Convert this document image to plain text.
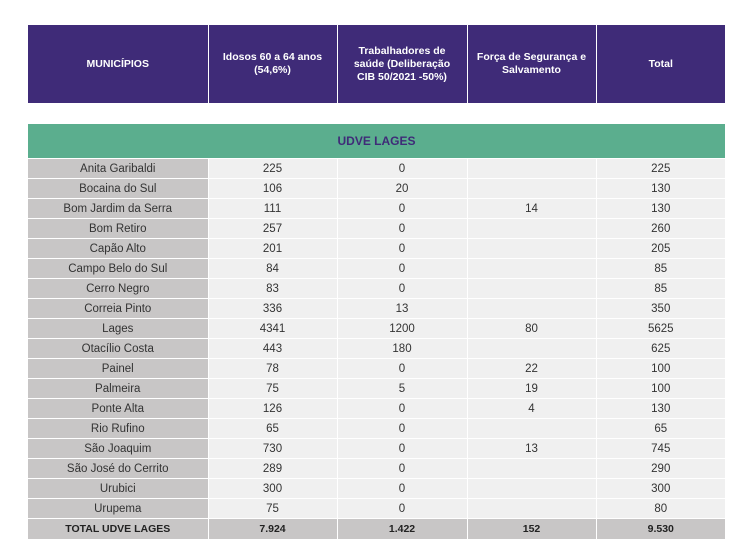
MUNICÍPIOS	Idosos 60 a 64 anos (54,6%)	Trabalhadores de saúde (Deliberação CIB 50/2021 -50%)	Força de Segurança e Salvamento	Total

UDVE LAGES				
Anita Garibaldi	225	0		225
Bocaina do Sul	106	20		130
Bom Jardim da Serra	111	0	14	130
Bom Retiro	257	0		260
Capão Alto	201	0		205
Campo Belo do Sul	84	0		85
Cerro Negro	83	0		85
Correia Pinto	336	13		350
Lages	4341	1200	80	5625
Otacílio Costa	443	180		625
Painel	78	0	22	100
Palmeira	75	5	19	100
Ponte Alta	126	0	4	130
Rio Rufino	65	0		65
São Joaquim	730	0	13	745
São José do Cerrito	289	0		290
Urubici	300	0		300
Urupema	75	0		80
TOTAL UDVE LAGES	7.924	1.422	152	9.530
